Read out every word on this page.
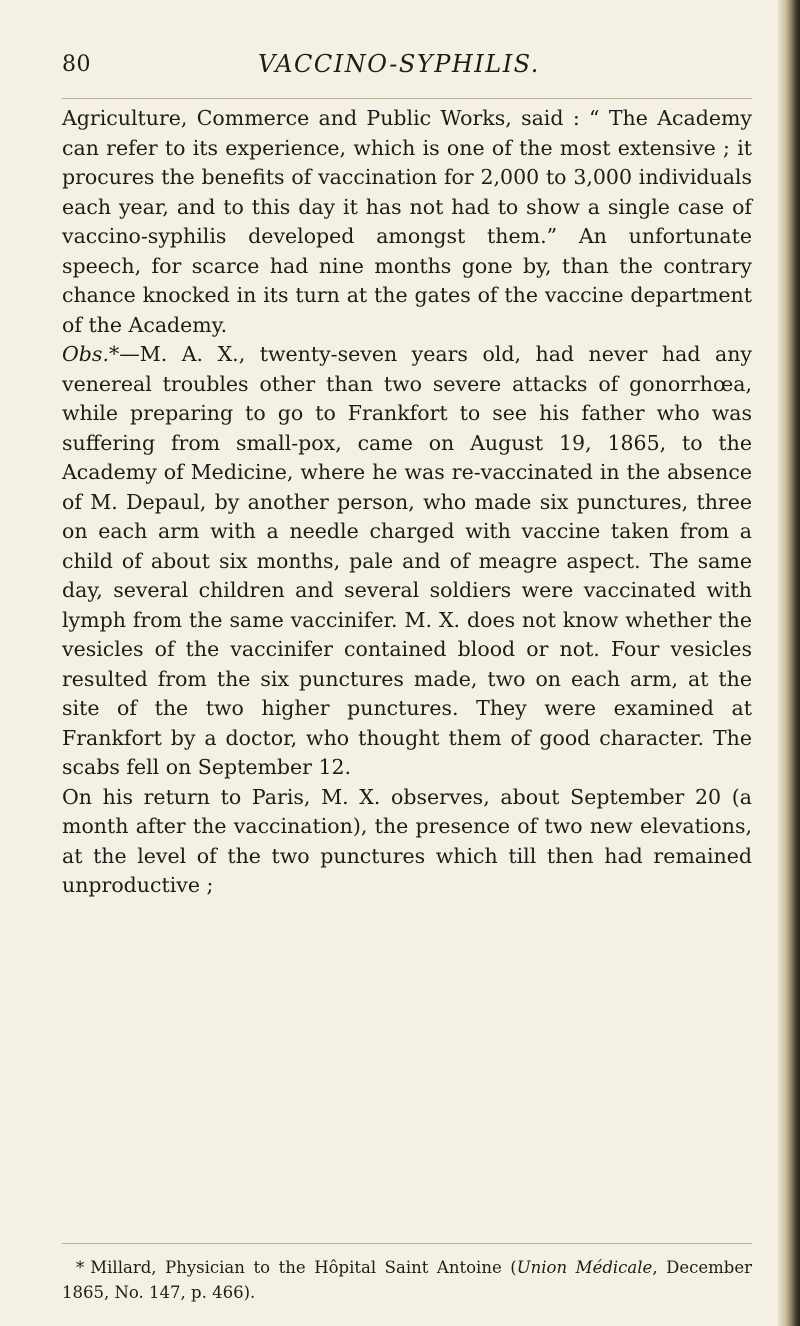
80	VACCINO-SYPHILIS.

Agriculture, Commerce and Public Works, said : “ The Academy can refer to its experience, which is one of the most extensive ; it procures the benefits of vaccination for 2,000 to 3,000 individuals each year, and to this day it has not had to show a single case of vaccino-syphilis developed amongst them.” An unfortunate speech, for scarce had nine months gone by, than the contrary chance knocked in its turn at the gates of the vaccine department of the Academy.

Obs.*—M. A. X., twenty-seven years old, had never had any venereal troubles other than two severe attacks of gonorrhœa, while preparing to go to Frankfort to see his father who was suffering from small-pox, came on August 19, 1865, to the Academy of Medicine, where he was re-vaccinated in the absence of M. Depaul, by another person, who made six punctures, three on each arm with a needle charged with vaccine taken from a child of about six months, pale and of meagre aspect. The same day, several children and several soldiers were vaccinated with lymph from the same vaccinifer. M. X. does not know whether the vesicles of the vaccinifer contained blood or not. Four vesicles resulted from the six punctures made, two on each arm, at the site of the two higher punctures. They were examined at Frankfort by a doctor, who thought them of good character. The scabs fell on September 12.

On his return to Paris, M. X. observes, about September 20 (a month after the vaccination), the presence of two new elevations, at the level of the two punctures which till then had remained unproductive ;

* Millard, Physician to the Hôpital Saint Antoine (Union Médicale, December 1865, No. 147, p. 466).
